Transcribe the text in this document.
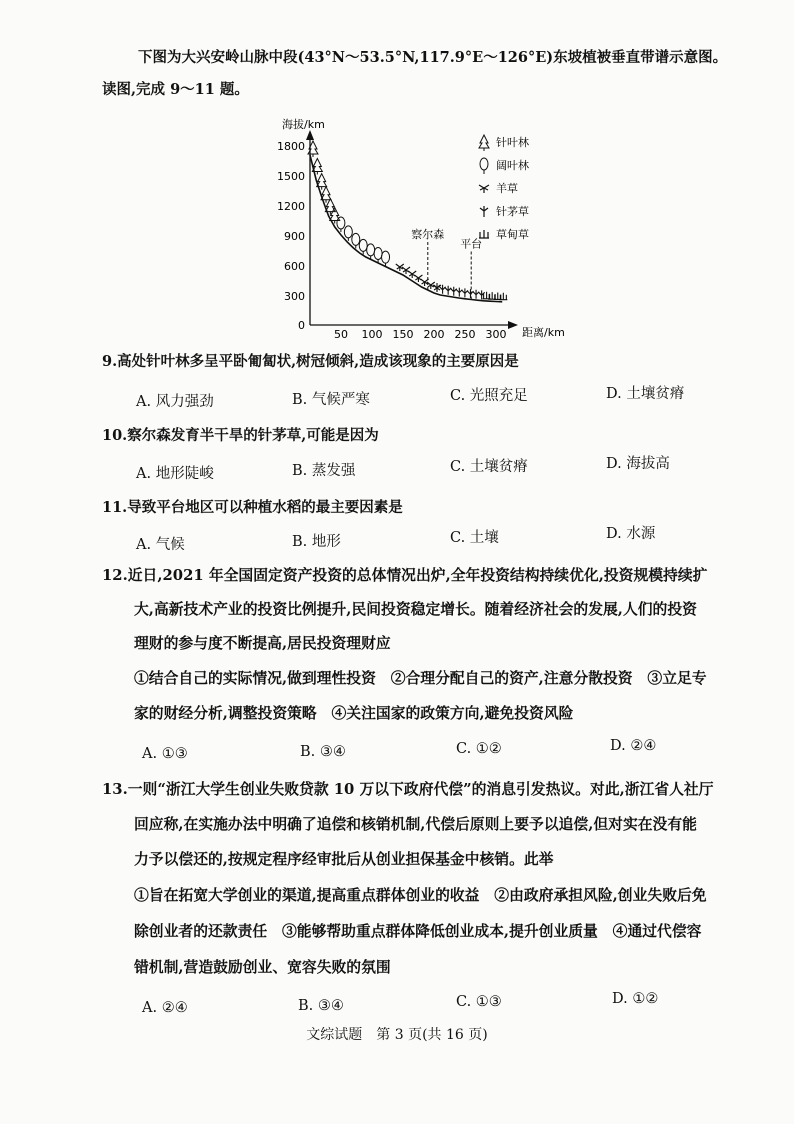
下图为大兴安岭山脉中段(43°N～53.5°N,117.9°E～126°E)东坡植被垂直带谱示意图。
读图,完成 9～11 题。
海拔/km
距离/km
1800
1500
1200
900
600
300
0
50 100 150 200 250 300
察尔森
平台
针叶林
阔叶林
羊草
针茅草
草甸草
9.高处针叶林多呈平卧匍匐状,树冠倾斜,造成该现象的主要原因是
A. 风力强劲	B. 气候严寒	C. 光照充足	D. 土壤贫瘠
10.察尔森发育半干旱的针茅草,可能是因为
A. 地形陡峻	B. 蒸发强	C. 土壤贫瘠	D. 海拔高
11.导致平台地区可以种植水稻的最主要因素是
A. 气候	B. 地形	C. 土壤	D. 水源
12.近日,2021 年全国固定资产投资的总体情况出炉,全年投资结构持续优化,投资规模持续扩
大,高新技术产业的投资比例提升,民间投资稳定增长。随着经济社会的发展,人们的投资
理财的参与度不断提高,居民投资理财应
①结合自己的实际情况,做到理性投资　②合理分配自己的资产,注意分散投资　③立足专
家的财经分析,调整投资策略　④关注国家的政策方向,避免投资风险
A. ①③	B. ③④	C. ①②	D. ②④
13.一则“浙江大学生创业失败贷款 10 万以下政府代偿”的消息引发热议。对此,浙江省人社厅
回应称,在实施办法中明确了追偿和核销机制,代偿后原则上要予以追偿,但对实在没有能
力予以偿还的,按规定程序经审批后从创业担保基金中核销。此举
①旨在拓宽大学创业的渠道,提高重点群体创业的收益　②由政府承担风险,创业失败后免
除创业者的还款责任　③能够帮助重点群体降低创业成本,提升创业质量　④通过代偿容
错机制,营造鼓励创业、宽容失败的氛围
A. ②④	B. ③④	C. ①③	D. ①②
文综试题　第 3 页(共 16 页)
